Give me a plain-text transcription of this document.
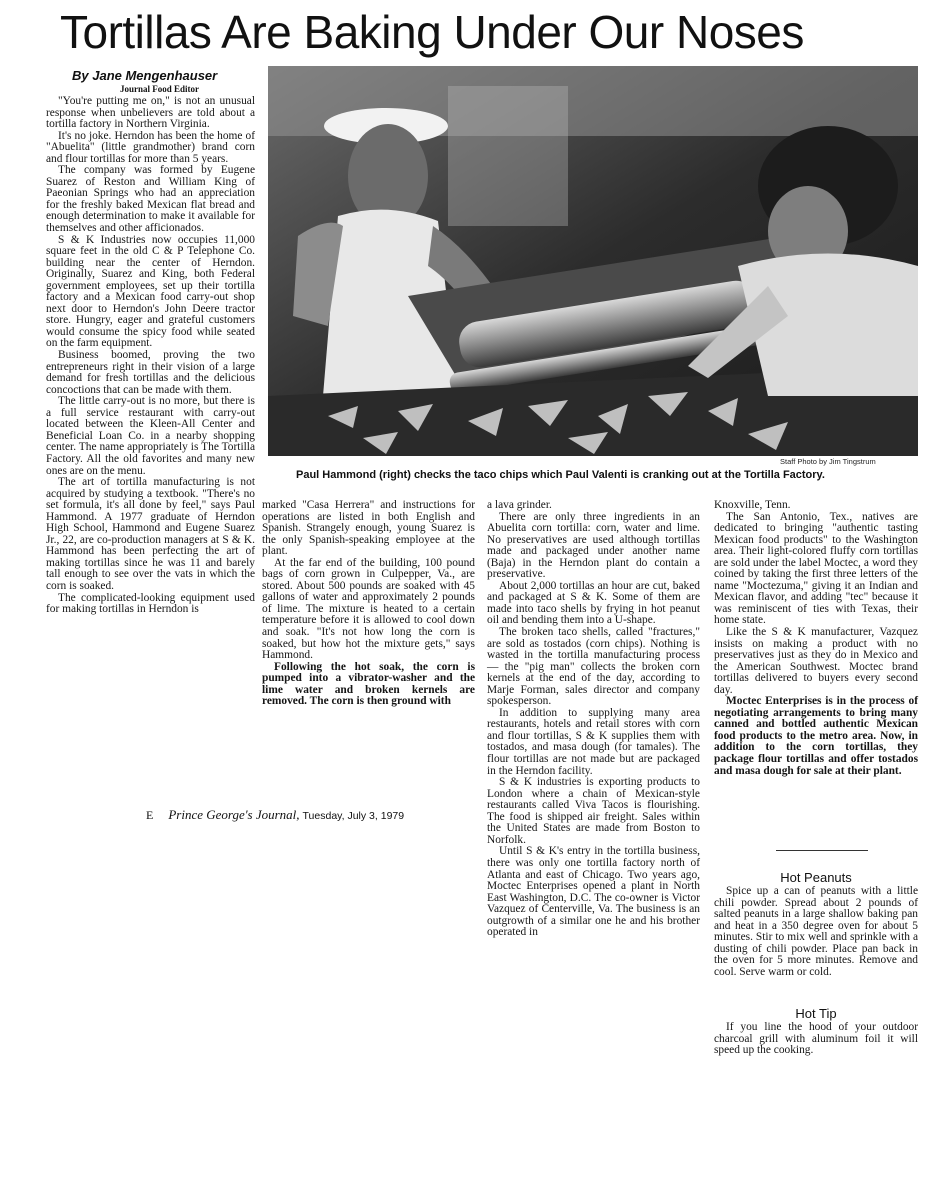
Tortillas Are Baking Under Our Noses
By Jane Mengenhauser
Journal Food Editor
Staff Photo by Jim Tingstrum
Paul Hammond (right) checks the taco chips which Paul Valenti is cranking out at the Tortilla Factory.

"You're putting me on," is not an unusual response when unbelievers are told about a tortilla factory in Northern Virginia.

It's no joke. Herndon has been the home of "Abuelita" (little grandmother) brand corn and flour tortillas for more than 5 years.

The company was formed by Eugene Suarez of Reston and William King of Paeonian Springs who had an appreciation for the freshly baked Mexican flat bread and enough determination to make it available for themselves and other afficionados.

S & K Industries now occupies 11,000 square feet in the old C & P Telephone Co. building near the center of Herndon. Originally, Suarez and King, both Federal government employees, set up their tortilla factory and a Mexican food carry-out shop next door to Herndon's John Deere tractor store. Hungry, eager and grateful customers would consume the spicy food while seated on the farm equipment.

Business boomed, proving the two entrepreneurs right in their vision of a large demand for fresh tortillas and the delicious concoctions that can be made with them.

The little carry-out is no more, but there is a full service restaurant with carry-out located between the Kleen-All Center and Beneficial Loan Co. in a nearby shopping center. The name appropriately is The Tortilla Factory. All the old favorites and many new ones are on the menu.

The art of tortilla manufacturing is not acquired by studying a textbook. "There's no set formula, it's all done by feel," says Paul Hammond. A 1977 graduate of Herndon High School, Hammond and Eugene Suarez Jr., 22, are co-production managers at S & K. Hammond has been perfecting the art of making tortillas since he was 11 and barely tall enough to see over the vats in which the corn is soaked.

The complicated-looking equipment used for making tortillas in Herndon is

marked "Casa Herrera" and instructions for operations are listed in both English and Spanish. Strangely enough, young Suarez is the only Spanish-speaking employee at the plant.

At the far end of the building, 100 pound bags of corn grown in Culpepper, Va., are stored. About 500 pounds are soaked with 45 gallons of water and approximately 2 pounds of lime. The mixture is heated to a certain temperature before it is allowed to cool down and soak. "It's not how long the corn is soaked, but how hot the mixture gets," says Hammond.

Following the hot soak, the corn is pumped into a vibrator-washer and the lime water and broken kernels are removed. The corn is then ground with

E Prince George's Journal, Tuesday, July 3, 1979

a lava grinder.

There are only three ingredients in an Abuelita corn tortilla: corn, water and lime. No preservatives are used although tortillas made and packaged under another name (Baja) in the Herndon plant do contain a preservative.

About 2,000 tortillas an hour are cut, baked and packaged at S & K. Some of them are made into taco shells by frying in hot peanut oil and bending them into a U-shape.

The broken taco shells, called "fractures," are sold as tostados (corn chips). Nothing is wasted in the tortilla manufacturing process — the "pig man" collects the broken corn kernels at the end of the day, according to Marje Forman, sales director and company spokesperson.

In addition to supplying many area restaurants, hotels and retail stores with corn and flour tortillas, S & K supplies them with tostados, and masa dough (for tamales). The flour tortillas are not made but are packaged in the Herndon facility.

S & K industries is exporting products to London where a chain of Mexican-style restaurants called Viva Tacos is flourishing. The food is shipped air freight. Sales within the United States are made from Boston to Norfolk.

Until S & K's entry in the tortilla business, there was only one tortilla factory north of Atlanta and east of Chicago. Two years ago, Moctec Enterprises opened a plant in North East Washington, D.C. The co-owner is Victor Vazquez of Centerville, Va. The business is an outgrowth of a similar one he and his brother operated in

Knoxville, Tenn.

The San Antonio, Tex., natives are dedicated to bringing "authentic tasting Mexican food products" to the Washington area. Their light-colored fluffy corn tortillas are sold under the label Moctec, a word they coined by taking the first three letters of the name "Moctezuma," giving it an Indian and Mexican flavor, and adding "tec" because it was reminiscent of ties with Texas, their home state.

Like the S & K manufacturer, Vazquez insists on making a product with no preservatives just as they do in Mexico and the American Southwest. Moctec brand tortillas delivered to buyers every second day.

Moctec Enterprises is in the process of negotiating arrangements to bring many canned and bottled authentic Mexican food products to the metro area. Now, in addition to the corn tortillas, they package flour tortillas and offer tostados and masa dough for sale at their plant.

Hot Peanuts

Spice up a can of peanuts with a little chili powder. Spread about 2 pounds of salted peanuts in a large shallow baking pan and heat in a 350 degree oven for about 5 minutes. Stir to mix well and sprinkle with a dusting of chili powder. Place pan back in the oven for 5 more minutes. Remove and cool. Serve warm or cold.

Hot Tip

If you line the hood of your outdoor charcoal grill with aluminum foil it will speed up the cooking.
